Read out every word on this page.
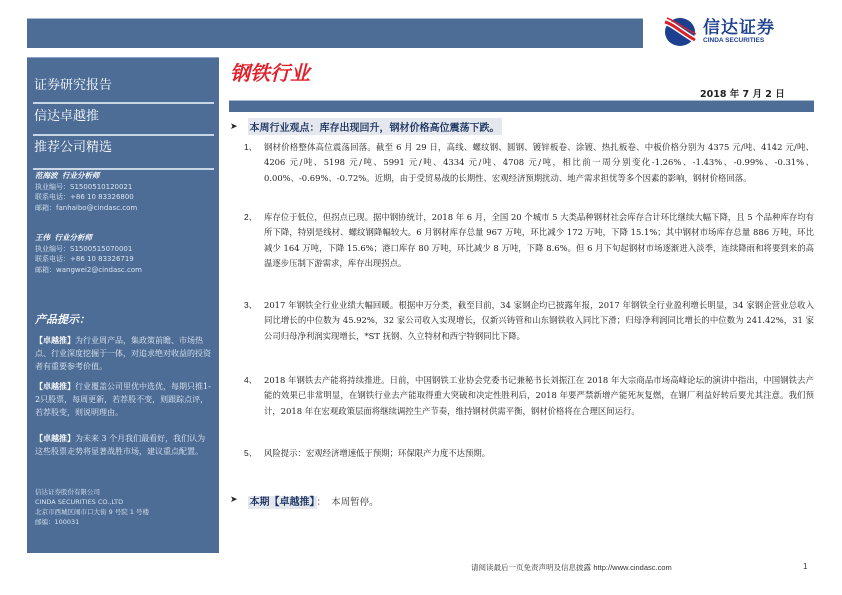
信达证券
CINDA SECURITIES
证券研究报告
信达卓越推
推荐公司精选
范海波 行业分析师
执业编号：S1500510120021
联系电话：+86 10 83326800
邮箱：fanhaibo@cindasc.com
王伟 行业分析师
执业编号：S1500515070001
联系电话：+86 10 83326719
邮箱：wangwei2@cindasc.com
产品提示：
【卓越推】为行业周产品，集政策前瞻、市场热点、行业深度挖掘于一体，对追求绝对收益的投资者有重要参考价值。
【卓越推】行业覆盖公司里优中选优，每期只推1-2只股票，每周更新，若荐股不变，则跟踪点评，若荐股变，则说明理由。
【卓越推】为未来 3 个月我们最看好，我们认为这些股票走势将显著战胜市场，建议重点配置。
信达证券股份有限公司
CINDA SECURITIES CO.,LTD
北京市西城区闹市口大街 9 号院 1 号楼
邮编：100031
钢铁行业
2018 年 7 月 2 日
➤ 本周行业观点：库存出现回升，钢材价格高位震荡下跌。
1、 钢材价格整体高位震荡回落。截至 6 月 29 日，高线、螺纹钢、圆钢、镀锌板卷、涂镀、热扎板卷、中板价格分别为 4375 元/吨、4142 元/吨、4206 元/吨、5198 元/吨、5991 元/吨、4334 元/吨、4708 元/吨，相比前一周分别变化-1.26%、-1.43%、-0.99%、-0.31%、0.00%、-0.69%、-0.72%。近期，由于受贸易战的长期性、宏观经济预期扰动、地产需求担忧等多个因素的影响，钢材价格回落。
2、 库存位于低位，但拐点已现。据中钢协统计，2018 年 6 月，全国 20 个城市 5 大类品种钢材社会库存合计环比继续大幅下降，且 5 个品种库存均有所下降，特别是线材、螺纹钢降幅较大。6 月钢材库存总量 967 万吨，环比减少 172 万吨，下降 15.1%；其中钢材市场库存总量 886 万吨，环比减少 164 万吨，下降 15.6%；港口库存 80 万吨，环比减少 8 万吨，下降 8.6%。但 6 月下旬起钢材市场逐渐进入淡季，连续降雨和将要到来的高温逐步压制下游需求，库存出现拐点。
3、 2017 年钢铁全行业业绩大幅回暖。根据申万分类，截至目前，34 家钢企均已披露年报，2017 年钢铁全行业盈利增长明显，34 家钢企营业总收入同比增长的中位数为 45.92%，32 家公司收入实现增长，仅新兴铸管和山东钢铁收入同比下滑；归母净利润同比增长的中位数为 241.42%，31 家公司归母净利润实现增长，*ST 抚钢、久立特材和西宁特钢同比下降。
4、 2018 年钢铁去产能将持续推进。日前，中国钢铁工业协会党委书记兼秘书长刘振江在 2018 年大宗商品市场高峰论坛的演讲中指出，中国钢铁去产能的效果已非常明显，在钢铁行业去产能取得重大突破和决定性胜利后，2018 年要严禁新增产能死灰复燃，在钢厂利益好转后要尤其注意。我们预计，2018 年在宏观政策层面将继续调控生产节奏，维持钢材供需平衡，钢材价格将在合理区间运行。
5、 风险提示：宏观经济增速低于预期；环保限产力度不达预期。
➤ 本期【卓越推】 ： 本周暂停。
请阅读最后一页免责声明及信息披露 http://www.cindasc.com	1
